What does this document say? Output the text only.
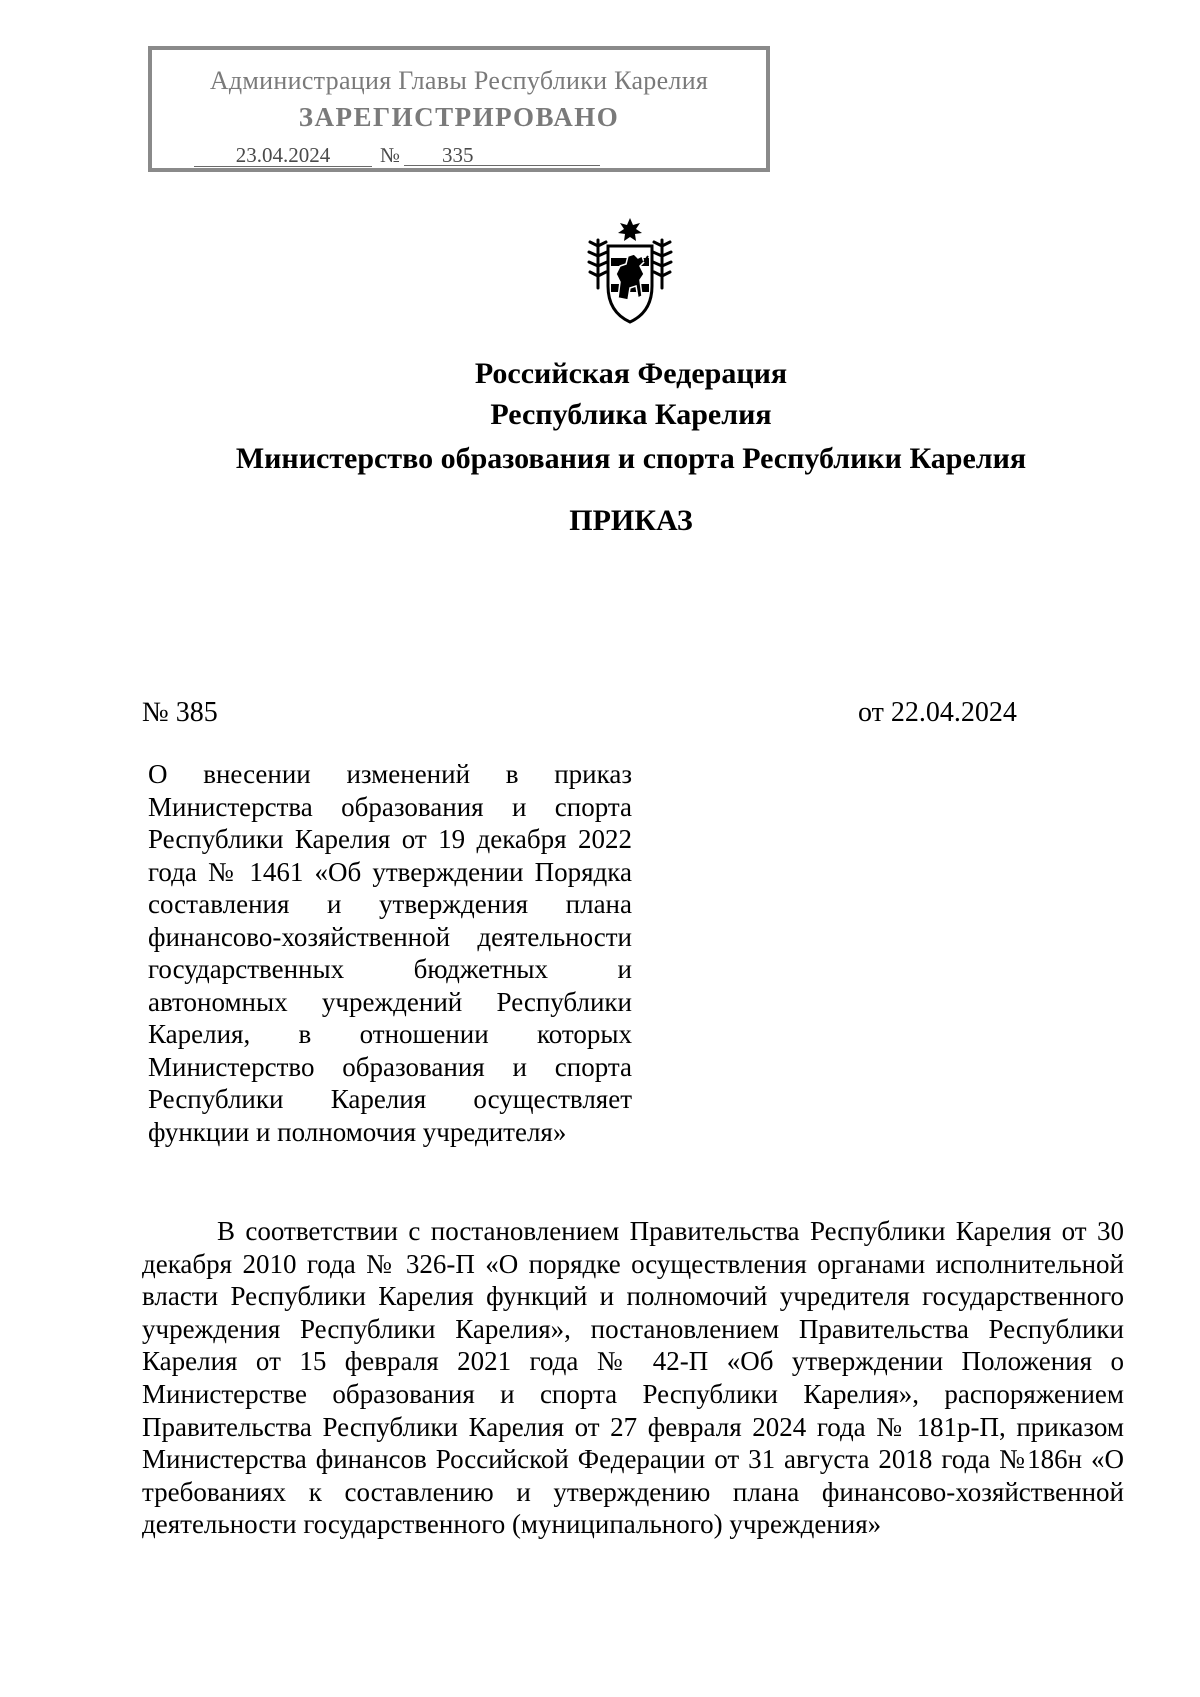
Администрация Главы Республики Карелия
ЗАРЕГИСТРИРОВАНО
23.04.2024	№	335
Российская Федерация
Республика Карелия
Министерство образования и спорта Республики Карелия
ПРИКАЗ
№ 385	от 22.04.2024
О внесении изменений в приказ Министерства образования и спорта Республики Карелия от 19 декабря 2022 года № 1461 «Об утверждении Порядка составления и утверждения плана финансово-хозяйственной деятельности государственных бюджетных и автономных учреждений Республики Карелия, в отношении которых Министерство образования и спорта Республики Карелия осуществляет функции и полномочия учредителя»
В соответствии с постановлением Правительства Республики Карелия от 30 декабря 2010 года № 326-П «О порядке осуществления органами исполнительной власти Республики Карелия функций и полномочий учредителя государственного учреждения Республики Карелия», постановлением Правительства Республики Карелия от 15 февраля 2021 года № 42-П «Об утверждении Положения о Министерстве образования и спорта Республики Карелия», распоряжением Правительства Республики Карелия от 27 февраля 2024 года № 181р-П, приказом Министерства финансов Российской Федерации от 31 августа 2018 года №186н «О требованиях к составлению и утверждению плана финансово-хозяйственной деятельности государственного (муниципального) учреждения»
